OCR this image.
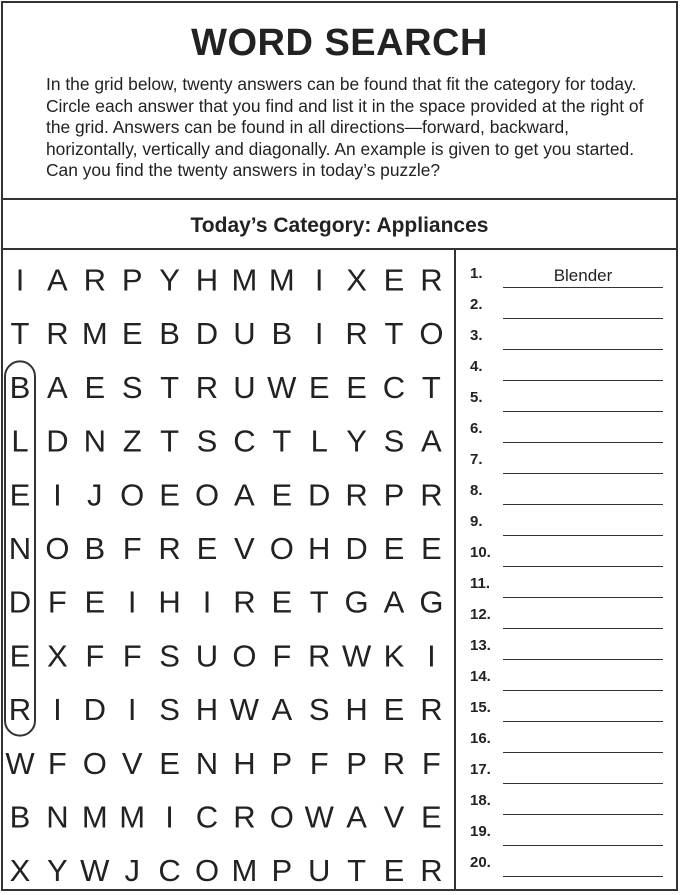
WORD SEARCH
In the grid below, twenty answers can be found that fit the category for today. Circle each answer that you find and list it in the space provided at the right of the grid. Answers can be found in all directions—forward, backward, horizontally, vertically and diagonally. An example is given to get you started. Can you find the twenty answers in today’s puzzle?
Today’s Category: Appliances
I A R P Y H M M I X E R
T R M E B D U B I R T O
B A E S T R U W E E C T
L D N Z T S C T L Y S A
E I J O E O A E D R P R
N O B F R E V O H D E E
D F E I H I R E T G A G
E X F F S U O F R W K I
R I D I S H W A S H E R
W F O V E N H P F P R F
B N M M I C R O W A V E
X Y W J C O M P U T E R
1.	Blender
2.
3.
4.
5.
6.
7.
8.
9.
10.
11.
12.
13.
14.
15.
16.
17.
18.
19.
20.
